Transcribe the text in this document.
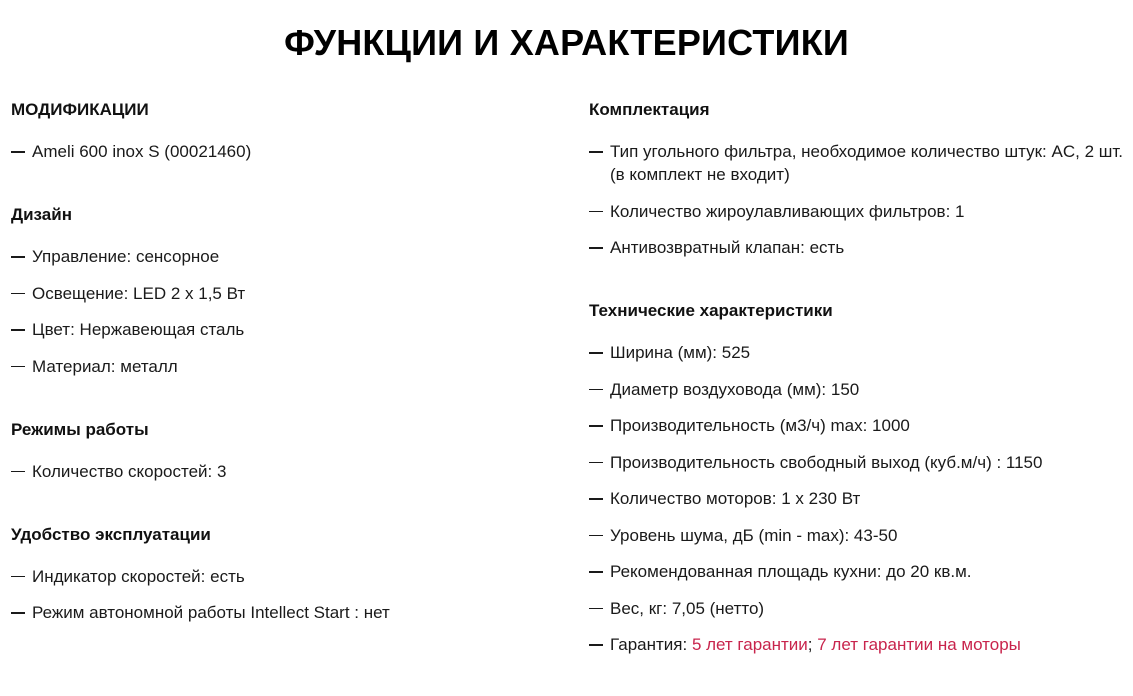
ФУНКЦИИ И ХАРАКТЕРИСТИКИ
МОДИФИКАЦИИ
Ameli 600 inox S (00021460)
Дизайн
Управление: сенсорное
Освещение: LED 2 х 1,5 Вт
Цвет: Нержавеющая сталь
Материал: металл
Режимы работы
Количество скоростей: 3
Удобство эксплуатации
Индикатор скоростей: есть
Режим автономной работы Intellect Start : нет
Комплектация
Тип угольного фильтра, необходимое количество штук: AC, 2 шт. (в комплект не входит)
Количество жироулавливающих фильтров: 1
Антивозвратный клапан: есть
Технические характеристики
Ширина (мм): 525
Диаметр воздуховода (мм): 150
Производительность (м3/ч) max: 1000
Производительность свободный выход (куб.м/ч) : 1150
Количество моторов: 1 х 230 Вт
Уровень шума, дБ (min - max): 43-50
Рекомендованная площадь кухни: до 20 кв.м.
Вес, кг: 7,05 (нетто)
Гарантия: 5 лет гарантии; 7 лет гарантии на моторы
